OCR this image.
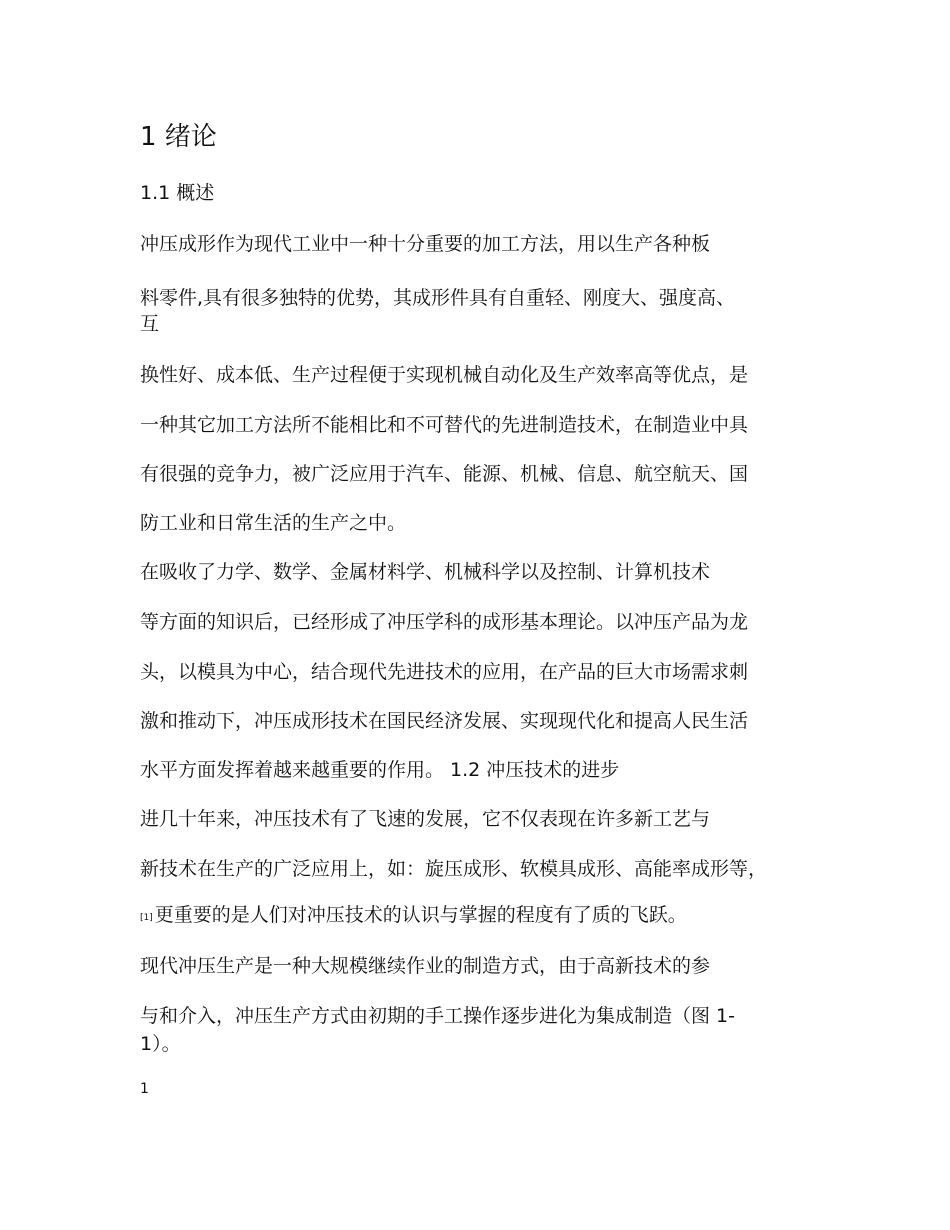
1 绪论
1.1 概述
冲压成形作为现代工业中一种十分重要的加工方法，用以生产各种板
料零件,具有很多独特的优势，其成形件具有自重轻、刚度大、强度高、
互
换性好、成本低、生产过程便于实现机械自动化及生产效率高等优点，是
一种其它加工方法所不能相比和不可替代的先进制造技术，在制造业中具
有很强的竞争力，被广泛应用于汽车、能源、机械、信息、航空航天、国
防工业和日常生活的生产之中。
在吸收了力学、数学、金属材料学、机械科学以及控制、计算机技术
等方面的知识后，已经形成了冲压学科的成形基本理论。以冲压产品为龙
头，以模具为中心，结合现代先进技术的应用，在产品的巨大市场需求刺
激和推动下，冲压成形技术在国民经济发展、实现现代化和提高人民生活
水平方面发挥着越来越重要的作用。 1.2 冲压技术的进步
进几十年来，冲压技术有了飞速的发展，它不仅表现在许多新工艺与
新技术在生产的广泛应用上，如：旋压成形、软模具成形、高能率成形等，
[1] 更重要的是人们对冲压技术的认识与掌握的程度有了质的飞跃。
现代冲压生产是一种大规模继续作业的制造方式，由于高新技术的参
与和介入，冲压生产方式由初期的手工操作逐步进化为集成制造（图 1-
1）。
1
